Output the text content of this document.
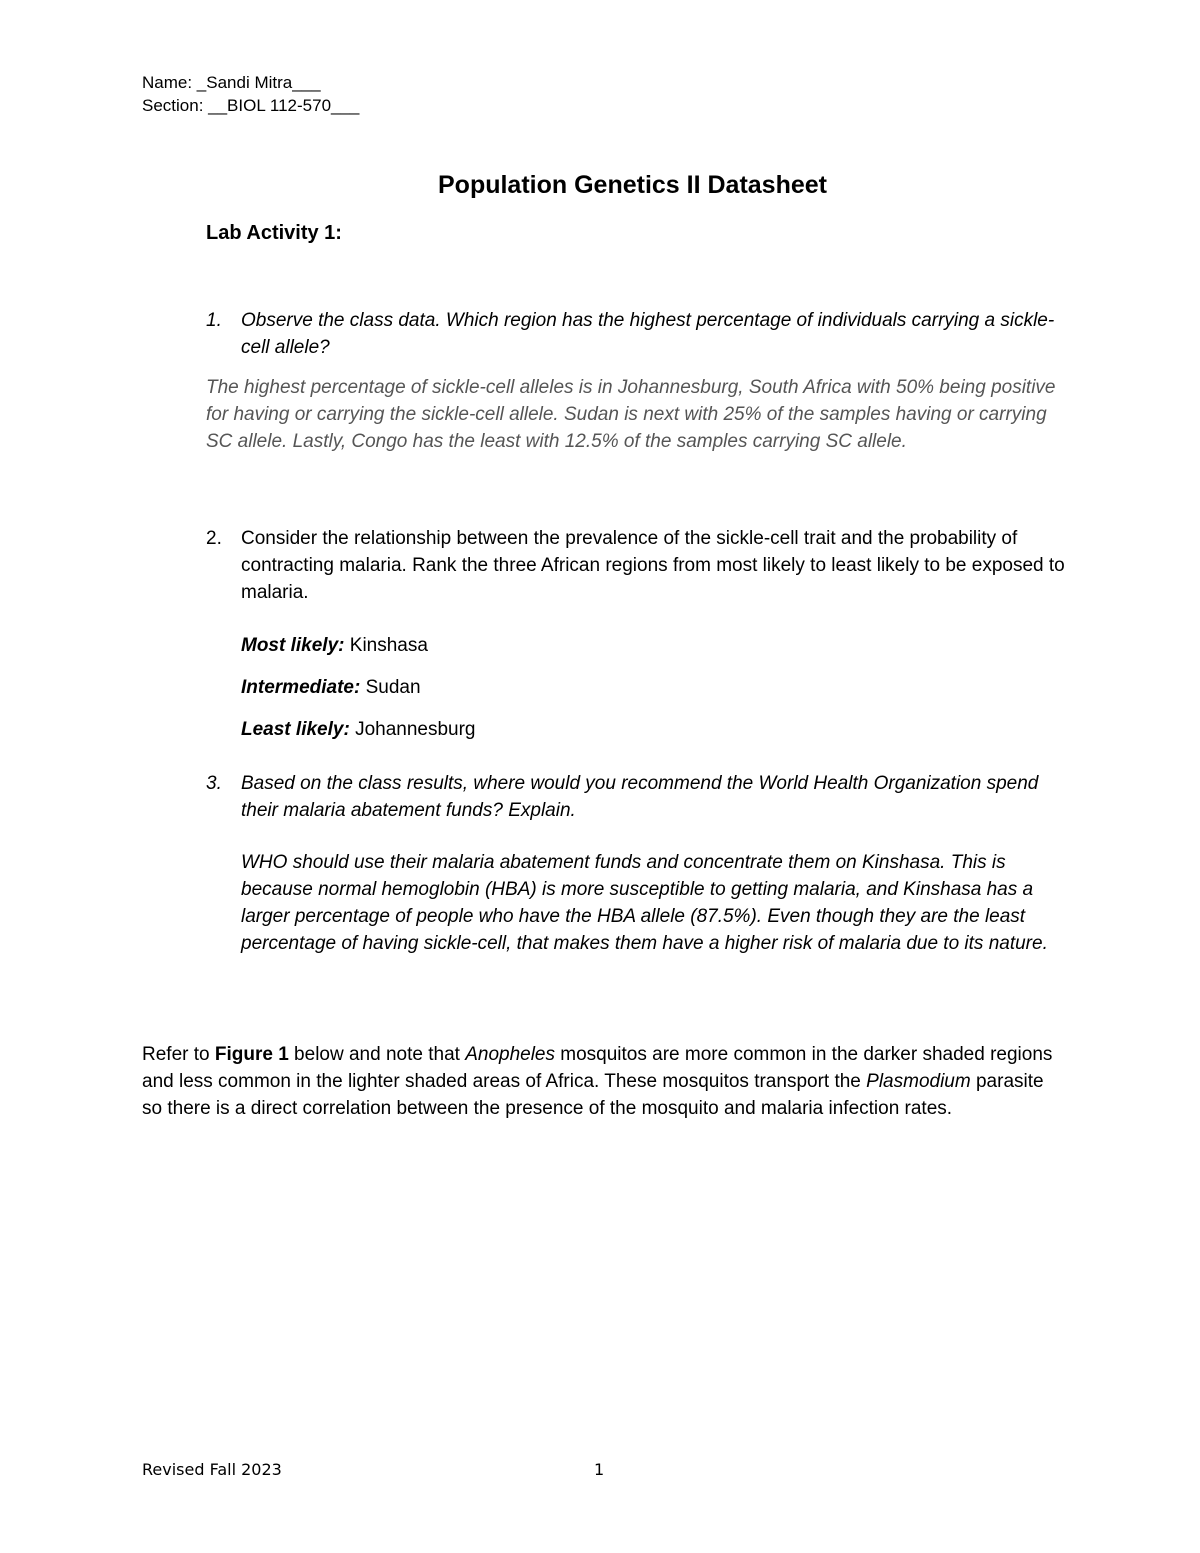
Name: _Sandi Mitra___
Section: __BIOL 112-570___
Population Genetics II Datasheet
Lab Activity 1:
1.	Observe the class data. Which region has the highest percentage of individuals carrying a sickle-cell allele?
The highest percentage of sickle-cell alleles is in Johannesburg, South Africa with 50% being positive for having or carrying the sickle-cell allele. Sudan is next with 25% of the samples having or carrying SC allele. Lastly, Congo has the least with 12.5% of the samples carrying SC allele.
2.	Consider the relationship between the prevalence of the sickle-cell trait and the probability of contracting malaria. Rank the three African regions from most likely to least likely to be exposed to malaria.
Most likely: Kinshasa
Intermediate: Sudan
Least likely: Johannesburg
3.	Based on the class results, where would you recommend the World Health Organization spend their malaria abatement funds? Explain.
WHO should use their malaria abatement funds and concentrate them on Kinshasa. This is because normal hemoglobin (HBA) is more susceptible to getting malaria, and Kinshasa has a larger percentage of people who have the HBA allele (87.5%). Even though they are the least percentage of having sickle-cell, that makes them have a higher risk of malaria due to its nature.
Refer to Figure 1 below and note that Anopheles mosquitos are more common in the darker shaded regions and less common in the lighter shaded areas of Africa. These mosquitos transport the Plasmodium parasite so there is a direct correlation between the presence of the mosquito and malaria infection rates.
Revised Fall 2023	1
